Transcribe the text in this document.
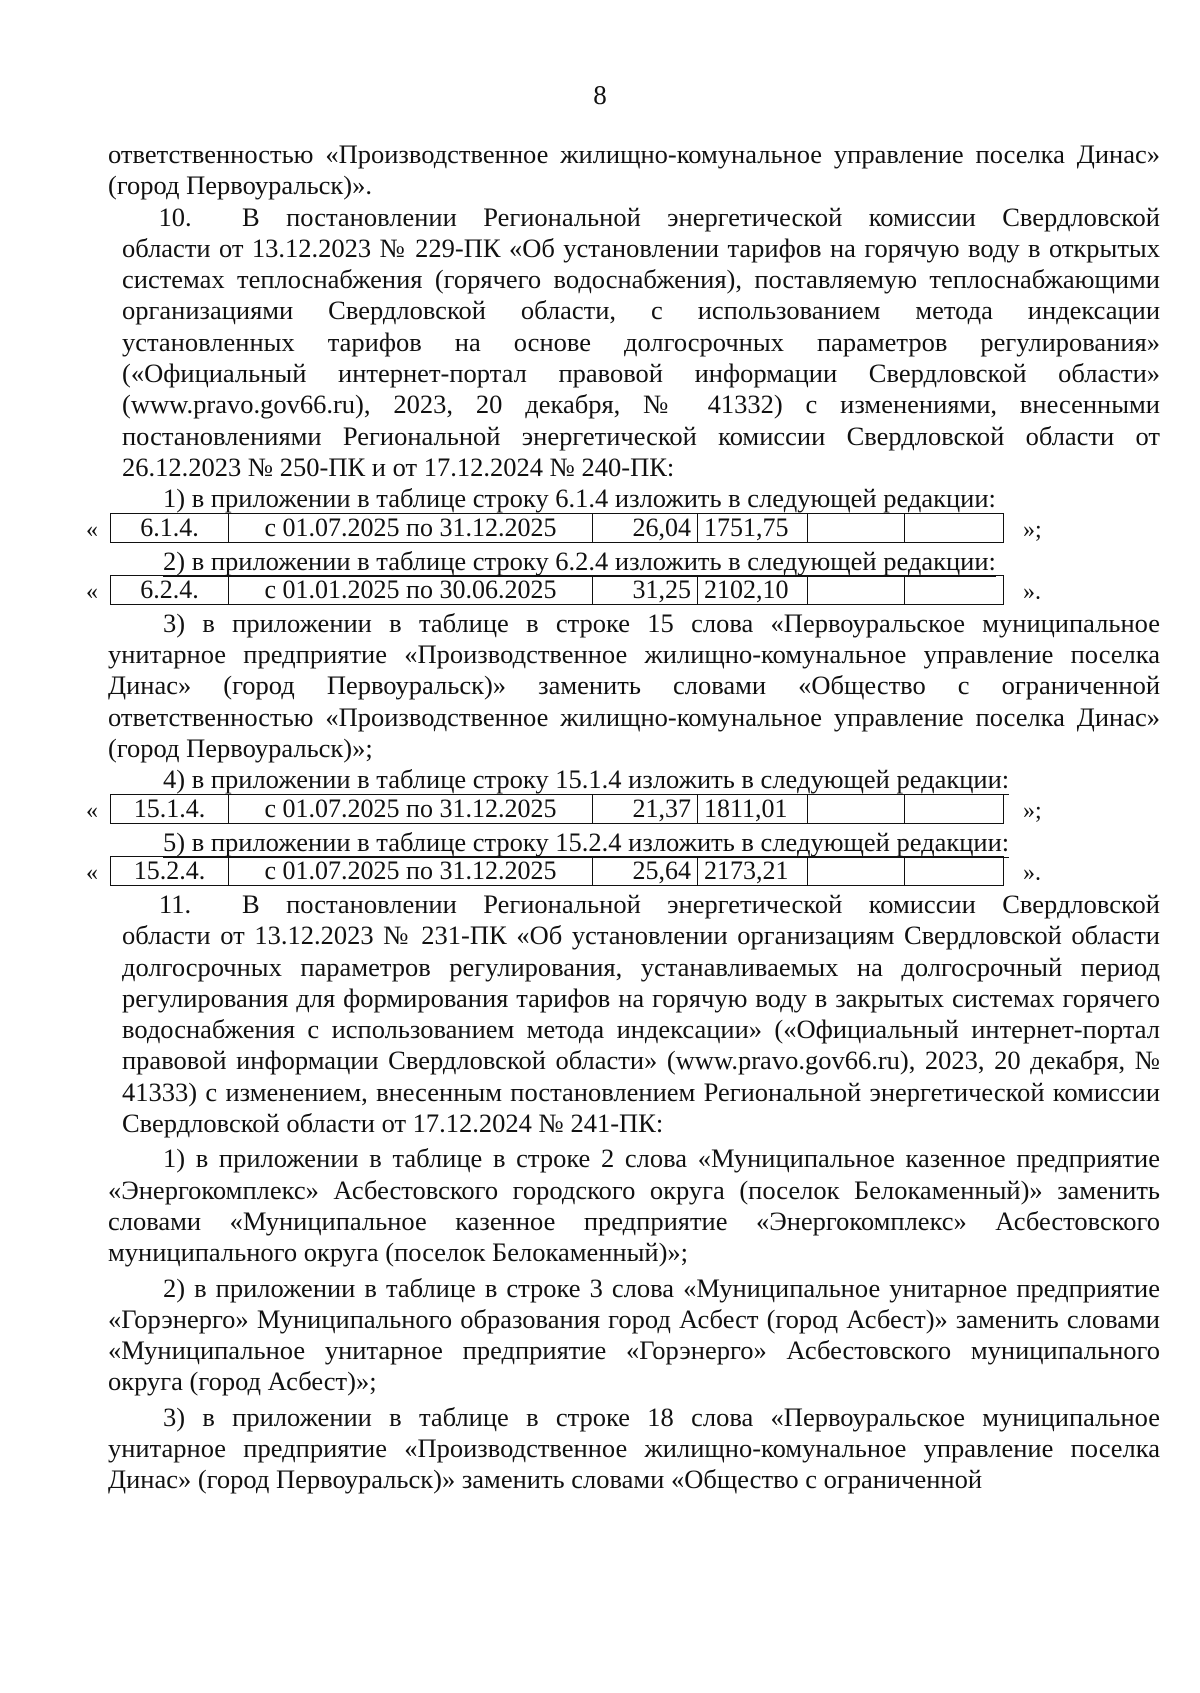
8

ответственностью «Производственное жилищно-комунальное управление поселка Динас» (город Первоуральск)».

10.	В постановлении Региональной энергетической комиссии Свердловской

области от 13.12.2023 № 229-ПК «Об установлении тарифов на горячую воду в открытых системах теплоснабжения (горячего водоснабжения), поставляемую теплоснабжающими организациями Свердловской области, с использованием метода индексации установленных тарифов на основе долгосрочных параметров регулирования» («Официальный интернет-портал правовой информации Свердловской области» (www.pravo.gov66.ru), 2023, 20 декабря, № 41332) с изменениями, внесенными постановлениями Региональной энергетической комиссии Свердловской области от 26.12.2023 № 250-ПК и от 17.12.2024 № 240-ПК:

1) в приложении в таблице строку 6.1.4 изложить в следующей редакции:

« 6.1.4.	с 01.07.2025 по 31.12.2025	26,04	1751,75			»;

2) в приложении в таблице строку 6.2.4 изложить в следующей редакции:

« 6.2.4.	с 01.01.2025 по 30.06.2025	31,25	2102,10			».

3) в приложении в таблице в строке 15 слова «Первоуральское муниципальное унитарное предприятие «Производственное жилищно-комунальное управление поселка Динас» (город Первоуральск)» заменить словами «Общество с ограниченной ответственностью «Производственное жилищно-комунальное управление поселка Динас» (город Первоуральск)»;

4) в приложении в таблице строку 15.1.4 изложить в следующей редакции:

« 15.1.4.	с 01.07.2025 по 31.12.2025	21,37	1811,01			»;

5) в приложении в таблице строку 15.2.4 изложить в следующей редакции:

« 15.2.4.	с 01.07.2025 по 31.12.2025	25,64	2173,21			».
11.	В постановлении Региональной энергетической комиссии Свердловской

области от 13.12.2023 № 231-ПК «Об установлении организациям Свердловской области долгосрочных параметров регулирования, устанавливаемых на долгосрочный период регулирования для формирования тарифов на горячую воду в закрытых системах горячего водоснабжения с использованием метода индексации» («Официальный интернет-портал правовой информации Свердловской области» (www.pravo.gov66.ru), 2023, 20 декабря, № 41333) с изменением, внесенным постановлением Региональной энергетической комиссии Свердловской области от 17.12.2024 № 241-ПК:

1) в приложении в таблице в строке 2 слова «Муниципальное казенное предприятие «Энергокомплекс» Асбестовского городского округа (поселок Белокаменный)» заменить словами «Муниципальное казенное предприятие «Энергокомплекс» Асбестовского муниципального округа (поселок Белокаменный)»;

2) в приложении в таблице в строке 3 слова «Муниципальное унитарное предприятие «Горэнерго» Муниципального образования город Асбест (город Асбест)» заменить словами «Муниципальное унитарное предприятие «Горэнерго» Асбестовского муниципального округа (город Асбест)»;

3) в приложении в таблице в строке 18 слова «Первоуральское муниципальное унитарное предприятие «Производственное жилищно-комунальное управление поселка Динас» (город Первоуральск)» заменить словами «Общество с ограниченной
